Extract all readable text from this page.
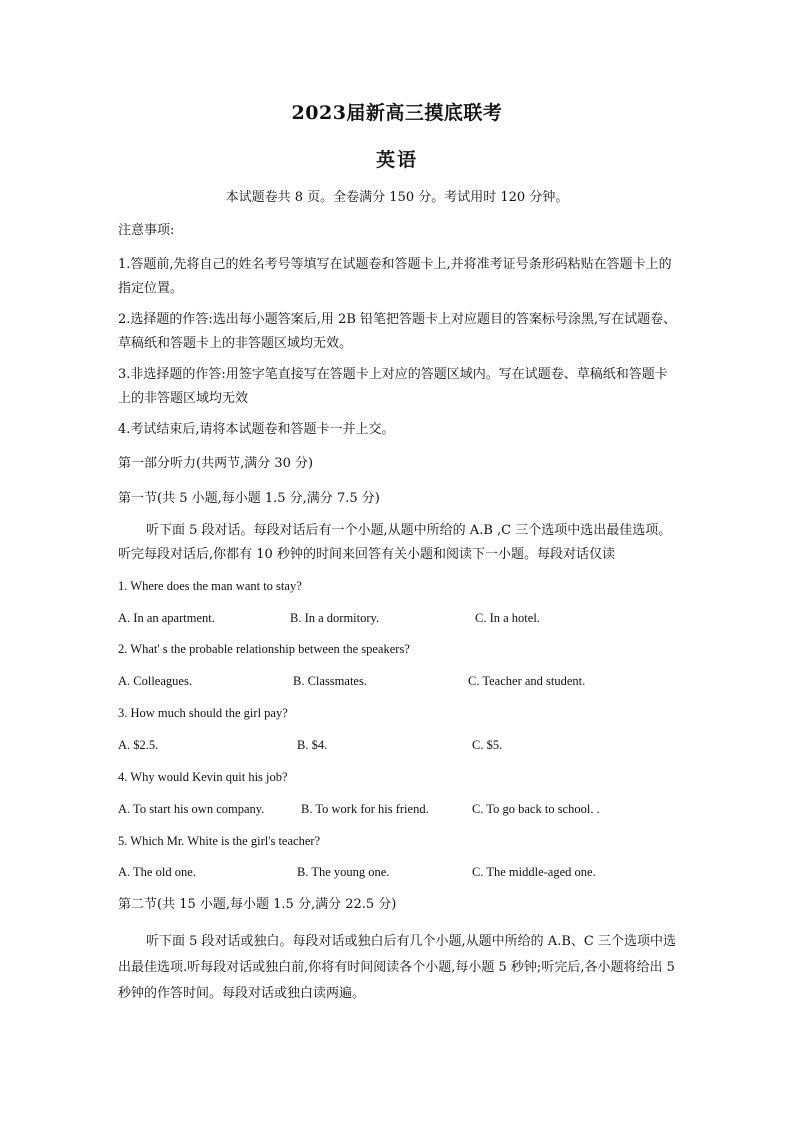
2023届新高三摸底联考
英语
本试题卷共 8 页。全卷满分 150 分。考试用时 120 分钟。
注意事项:
1.答题前,先将自己的姓名考号等填写在试题卷和答题卡上,并将准考证号条形码粘贴在答题卡上的指定位置。
2.选择题的作答:选出每小题答案后,用 2B 铅笔把答题卡上对应题目的答案标号涂黑,写在试题卷、草稿纸和答题卡上的非答题区域均无效。
3.非选择题的作答:用签字笔直接写在答题卡上对应的答题区域内。写在试题卷、草稿纸和答题卡上的非答题区域均无效
4.考试结束后,请将本试题卷和答题卡一并上交。
第一部分听力(共两节,满分 30 分)
第一节(共 5 小题,每小题 1.5 分,满分 7.5 分)
听下面 5 段对话。每段对话后有一个小题,从题中所给的 A.B ,C 三个选项中选出最佳选项。听完每段对话后,你都有 10 秒钟的时间来回答有关小题和阅读下一小题。每段对话仅读
1. Where does the man want to stay?
A. In an apartment.	B. In a dormitory.	C. In a hotel.
2. What' s the probable relationship between the speakers?
A. Colleagues.	B. Classmates.	C. Teacher and student.
3. How much should the girl pay?
A. $2.5.	B. $4.	C. $5.
4. Why would Kevin quit his job?
A. To start his own company.	B. To work for his friend.	C. To go back to school. .
5. Which Mr. White is the girl's teacher?
A. The old one.	B. The young one.	C. The middle-aged one.
第二节(共 15 小题,每小题 1.5 分,满分 22.5 分)
听下面 5 段对话或独白。每段对话或独白后有几个小题,从题中所给的 A.B、C 三个选项中选出最佳选项.听每段对话或独白前,你将有时间阅读各个小题,每小题 5 秒钟;听完后,各小题将给出 5 秒钟的作答时间。每段对话或独白读两遍。
